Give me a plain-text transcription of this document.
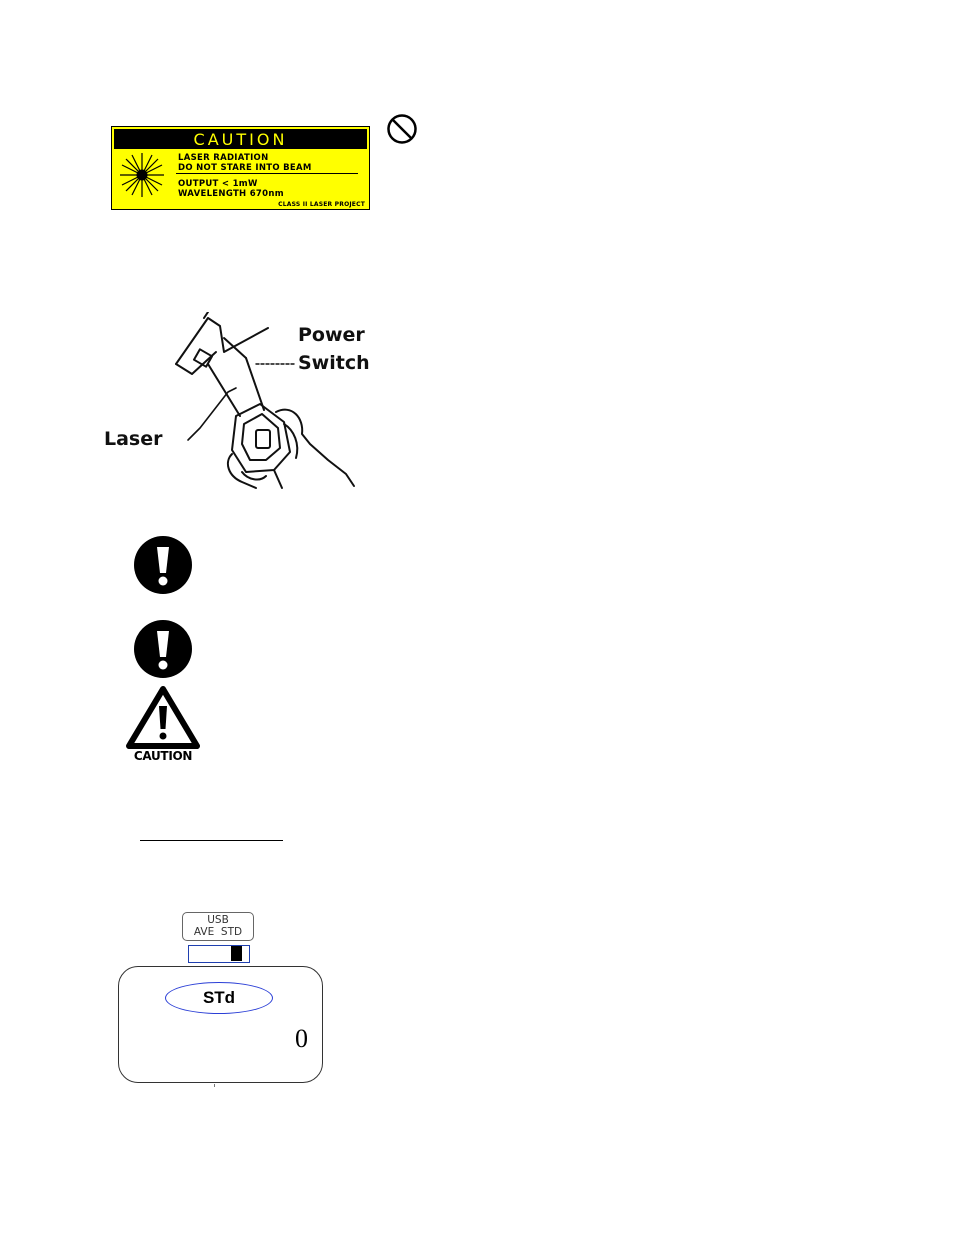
CAUTION
LASER RADIATION
DO NOT STARE INTO BEAM
OUTPUT < 1mW
WAVELENGTH 670nm
CLASS II LASER PROJECT
Power
Switch
Laser
CAUTION
USB
AVE  STD
STd
0
